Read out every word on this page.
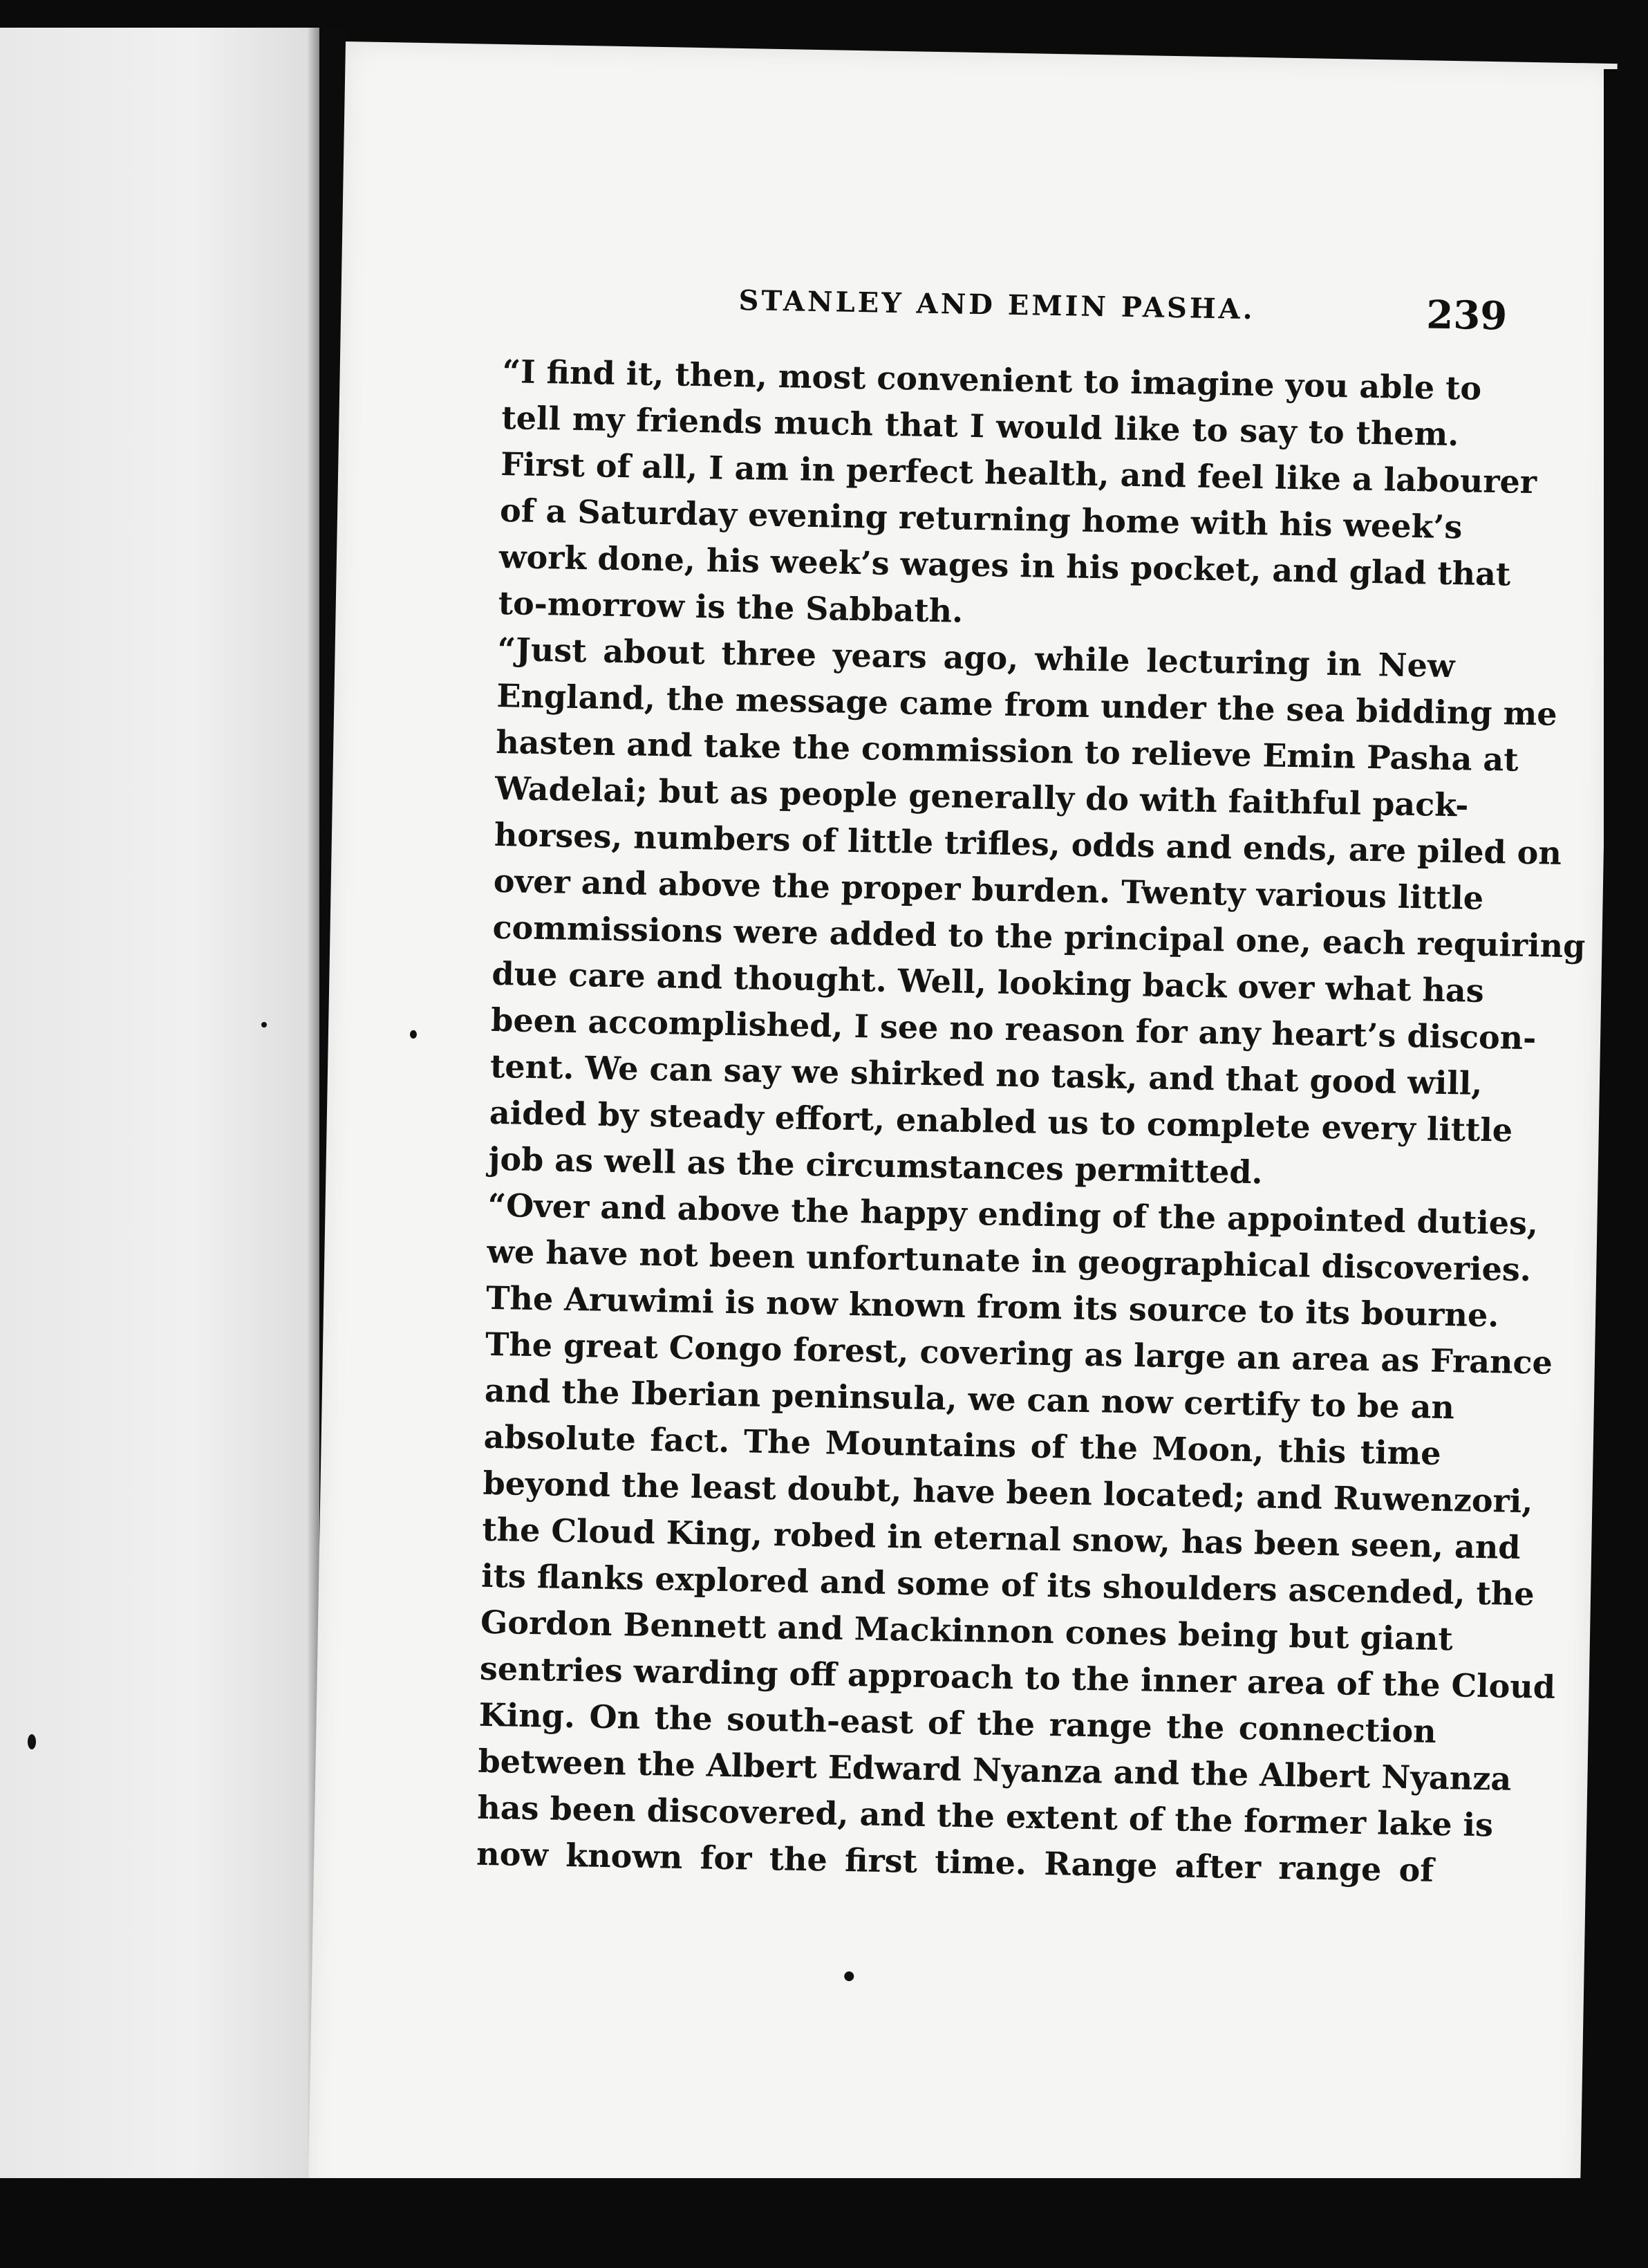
STANLEY AND EMIN PASHA.	239

“I find it, then, most convenient to imagine you able to
tell my friends much that I would like to say to them.
First of all, I am in perfect health, and feel like a labourer
of a Saturday evening returning home with his week’s
work done, his week’s wages in his pocket, and glad that
to-morrow is the Sabbath.

“Just about three years ago, while lecturing in New
England, the message came from under the sea bidding me
hasten and take the commission to relieve Emin Pasha at
Wadelai; but as people generally do with faithful pack-
horses, numbers of little trifles, odds and ends, are piled on
over and above the proper burden. Twenty various little
commissions were added to the principal one, each requiring
due care and thought. Well, looking back over what has
been accomplished, I see no reason for any heart’s discon-
tent. We can say we shirked no task, and that good will,
aided by steady effort, enabled us to complete every little
job as well as the circumstances permitted.

“Over and above the happy ending of the appointed duties,
we have not been unfortunate in geographical discoveries.
The Aruwimi is now known from its source to its bourne.
The great Congo forest, covering as large an area as France
and the Iberian peninsula, we can now certify to be an
absolute fact. The Mountains of the Moon, this time
beyond the least doubt, have been located; and Ruwenzori,
the Cloud King, robed in eternal snow, has been seen, and
its flanks explored and some of its shoulders ascended, the
Gordon Bennett and Mackinnon cones being but giant
sentries warding off approach to the inner area of the Cloud
King. On the south-east of the range the connection
between the Albert Edward Nyanza and the Albert Nyanza
has been discovered, and the extent of the former lake is
now known for the first time. Range after range of
